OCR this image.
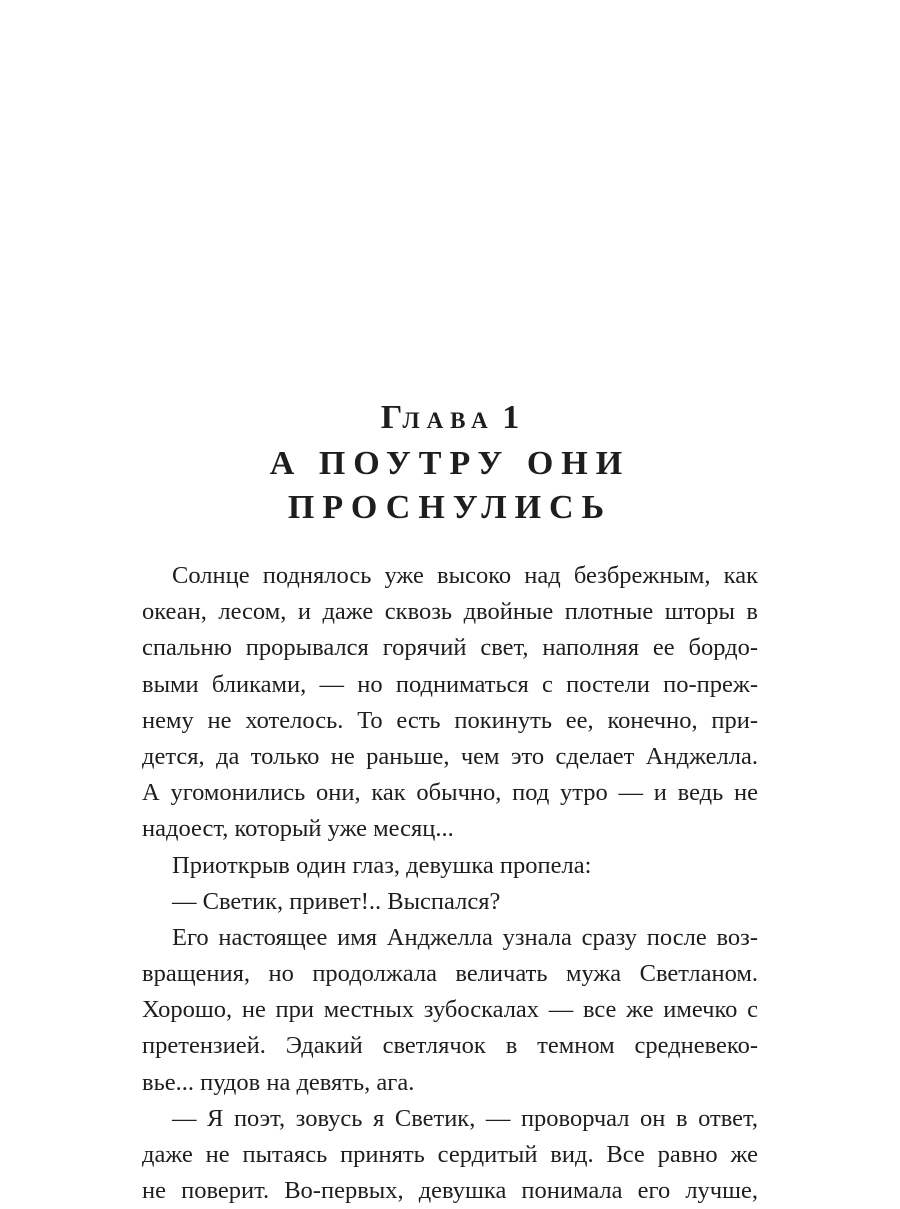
ГЛАВА 1
А ПОУТРУ ОНИ
ПРОСНУЛИСЬ
Солнце поднялось уже высоко над безбрежным, как
океан, лесом, и даже сквозь двойные плотные шторы в
спальню прорывался горячий свет, наполняя ее бордо-
выми бликами, — но подниматься с постели по-преж-
нему не хотелось. То есть покинуть ее, конечно, при-
дется, да только не раньше, чем это сделает Анджелла.
А угомонились они, как обычно, под утро — и ведь не
надоест, который уже месяц...
Приоткрыв один глаз, девушка пропела:
— Светик, привет!.. Выспался?
Его настоящее имя Анджелла узнала сразу после воз-
вращения, но продолжала величать мужа Светланом.
Хорошо, не при местных зубоскалах — все же имечко с
претензией. Эдакий светлячок в темном средневеко-
вье... пудов на девять, ага.
— Я поэт, зовусь я Светик, — проворчал он в ответ,
даже не пытаясь принять сердитый вид. Все равно же
не поверит. Во-первых, девушка понимала его лучше,
